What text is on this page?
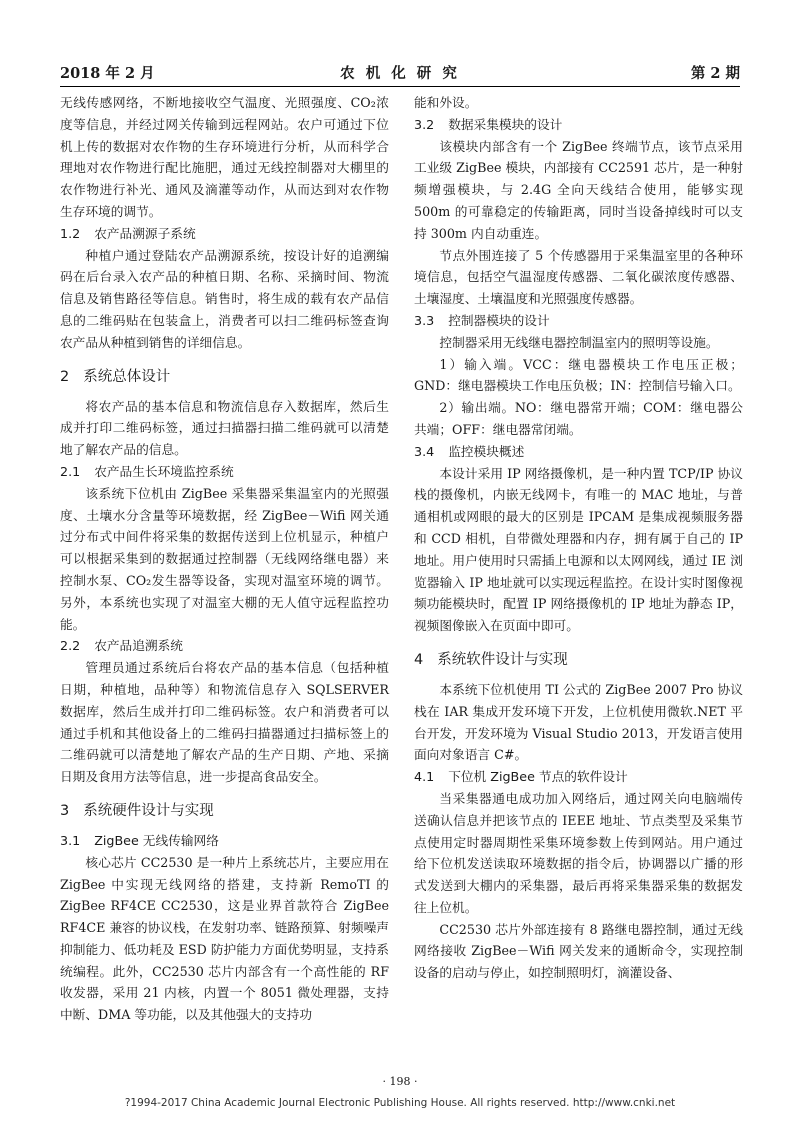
2018 年 2 月	农 机 化 研 究	第 2 期

无线传感网络，不断地接收空气温度、光照强度、CO₂浓度等信息，并经过网关传输到远程网站。农户可通过下位机上传的数据对农作物的生存环境进行分析，从而科学合理地对农作物进行配比施肥，通过无线控制器对大棚里的农作物进行补光、通风及滴灌等动作，从而达到对农作物生存环境的调节。

1.2 农产品溯源子系统

种植户通过登陆农产品溯源系统，按设计好的追溯编码在后台录入农产品的种植日期、名称、采摘时间、物流信息及销售路径等信息。销售时，将生成的载有农产品信息的二维码贴在包装盒上，消费者可以扫二维码标签查询农产品从种植到销售的详细信息。

2 系统总体设计

将农产品的基本信息和物流信息存入数据库，然后生成并打印二维码标签，通过扫描器扫描二维码就可以清楚地了解农产品的信息。

2.1 农产品生长环境监控系统

该系统下位机由 ZigBee 采集器采集温室内的光照强度、土壤水分含量等环境数据，经 ZigBee－Wifi 网关通过分布式中间件将采集的数据传送到上位机显示，种植户可以根据采集到的数据通过控制器（无线网络继电器）来控制水泵、CO₂发生器等设备，实现对温室环境的调节。另外，本系统也实现了对温室大棚的无人值守远程监控功能。

2.2 农产品追溯系统

管理员通过系统后台将农产品的基本信息（包括种植日期，种植地，品种等）和物流信息存入 SQLSERVER 数据库，然后生成并打印二维码标签。农户和消费者可以通过手机和其他设备上的二维码扫描器通过扫描标签上的二维码就可以清楚地了解农产品的生产日期、产地、采摘日期及食用方法等信息，进一步提高食品安全。

3 系统硬件设计与实现
3.1 ZigBee 无线传输网络

核心芯片 CC2530 是一种片上系统芯片，主要应用在 ZigBee 中实现无线网络的搭建，支持新 RemoTI 的 ZigBee RF4CE CC2530，这是业界首款符合 ZigBee RF4CE 兼容的协议栈，在发射功率、链路预算、射频噪声抑制能力、低功耗及 ESD 防护能力方面优势明显，支持系统编程。此外，CC2530 芯片内部含有一个高性能的 RF 收发器，采用 21 内核，内置一个 8051 微处理器，支持中断、DMA 等功能，以及其他强大的支持功

能和外设。

3.2 数据采集模块的设计

该模块内部含有一个 ZigBee 终端节点，该节点采用工业级 ZigBee 模块，内部接有 CC2591 芯片，是一种射频增强模块，与 2.4G 全向天线结合使用，能够实现 500m 的可靠稳定的传输距离，同时当设备掉线时可以支持 300m 内自动重连。

节点外围连接了 5 个传感器用于采集温室里的各种环境信息，包括空气温湿度传感器、二氧化碳浓度传感器、土壤湿度、土壤温度和光照强度传感器。

3.3 控制器模块的设计

控制器采用无线继电器控制温室内的照明等设施。

1）输入端。VCC：继电器模块工作电压正极；GND：继电器模块工作电压负极；IN：控制信号输入口。

2）输出端。NO：继电器常开端；COM：继电器公共端；OFF：继电器常闭端。

3.4 监控模块概述

本设计采用 IP 网络摄像机，是一种内置 TCP/IP 协议栈的摄像机，内嵌无线网卡，有唯一的 MAC 地址，与普通相机或网眼的最大的区别是 IPCAM 是集成视频服务器和 CCD 相机，自带微处理器和内存，拥有属于自己的 IP 地址。用户使用时只需插上电源和以太网网线，通过 IE 浏览器输入 IP 地址就可以实现远程监控。在设计实时图像视频功能模块时，配置 IP 网络摄像机的 IP 地址为静态 IP，视频图像嵌入在页面中即可。

4 系统软件设计与实现

本系统下位机使用 TI 公式的 ZigBee 2007 Pro 协议栈在 IAR 集成开发环境下开发，上位机使用微软.NET 平台开发，开发环境为 Visual Studio 2013，开发语言使用面向对象语言 C#。

4.1 下位机 ZigBee 节点的软件设计

当采集器通电成功加入网络后，通过网关向电脑端传送确认信息并把该节点的 IEEE 地址、节点类型及采集节点使用定时器周期性采集环境参数上传到网站。用户通过给下位机发送读取环境数据的指令后，协调器以广播的形式发送到大棚内的采集器，最后再将采集器采集的数据发往上位机。

CC2530 芯片外部连接有 8 路继电器控制，通过无线网络接收 ZigBee－Wifi 网关发来的通断命令，实现控制设备的启动与停止，如控制照明灯，滴灌设备、

· 198 ·
?1994-2017 China Academic Journal Electronic Publishing House. All rights reserved. http://www.cnki.net
